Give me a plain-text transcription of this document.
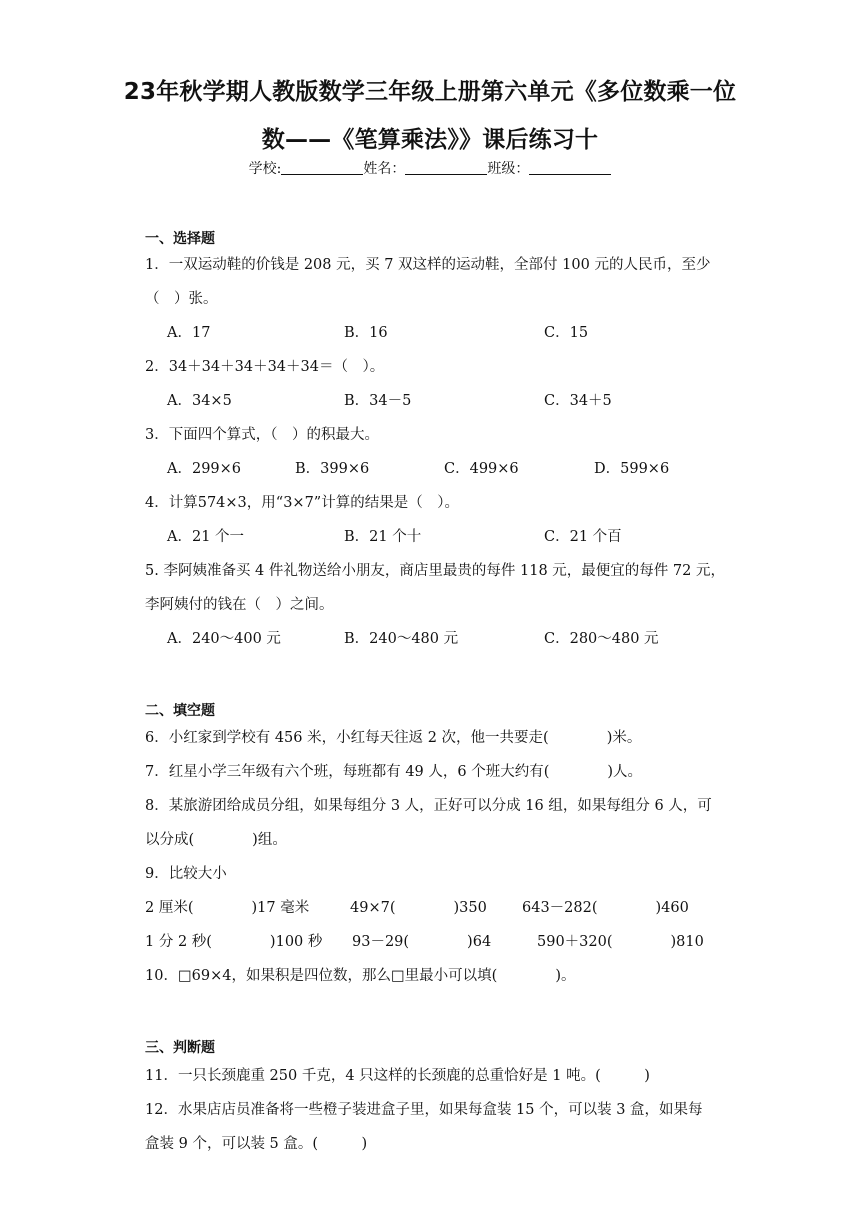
23年秋学期人教版数学三年级上册第六单元《多位数乘一位
数——《笔算乘法》》课后练习十
学校:	姓名：	班级：
一、选择题
1．一双运动鞋的价钱是 208 元，买 7 双这样的运动鞋，全部付 100 元的人民币，至少
（　）张。
A．17	B．16	C．15
2．34＋34＋34＋34＋34＝（　）。
A．34×5	B．34－5	C．34＋5
3．下面四个算式，（　）的积最大。
A．299×6	B．399×6	C．499×6	D．599×6
4．计算574×3，用“3×7”计算的结果是（　）。
A．21 个一	B．21 个十	C．21 个百
5. 李阿姨准备买 4 件礼物送给小朋友，商店里最贵的每件 118 元，最便宜的每件 72 元，
李阿姨付的钱在（　）之间。
A．240～400 元	B．240～480 元	C．280～480 元
二、填空题
6．小红家到学校有 456 米，小红每天往返 2 次，他一共要走(　　　　)米。
7．红星小学三年级有六个班，每班都有 49 人，6 个班大约有(　　　　)人。
8．某旅游团给成员分组，如果每组分 3 人，正好可以分成 16 组，如果每组分 6 人，可
以分成(　　　　)组。
9．比较大小
2 厘米(　　　　)17 毫米	49×7(　　　　)350 643－282(　　　　)460
1 分 2 秒(　　　　)100 秒 93－29(　　　　)64	590＋320(　　　　)810
10．□69×4，如果积是四位数，那么□里最小可以填(　　　　)。
三、判断题
11．一只长颈鹿重 250 千克，4 只这样的长颈鹿的总重恰好是 1 吨。(　　　)
12．水果店店员准备将一些橙子装进盒子里，如果每盒装 15 个，可以装 3 盒，如果每
盒装 9 个，可以装 5 盒。(　　　)
